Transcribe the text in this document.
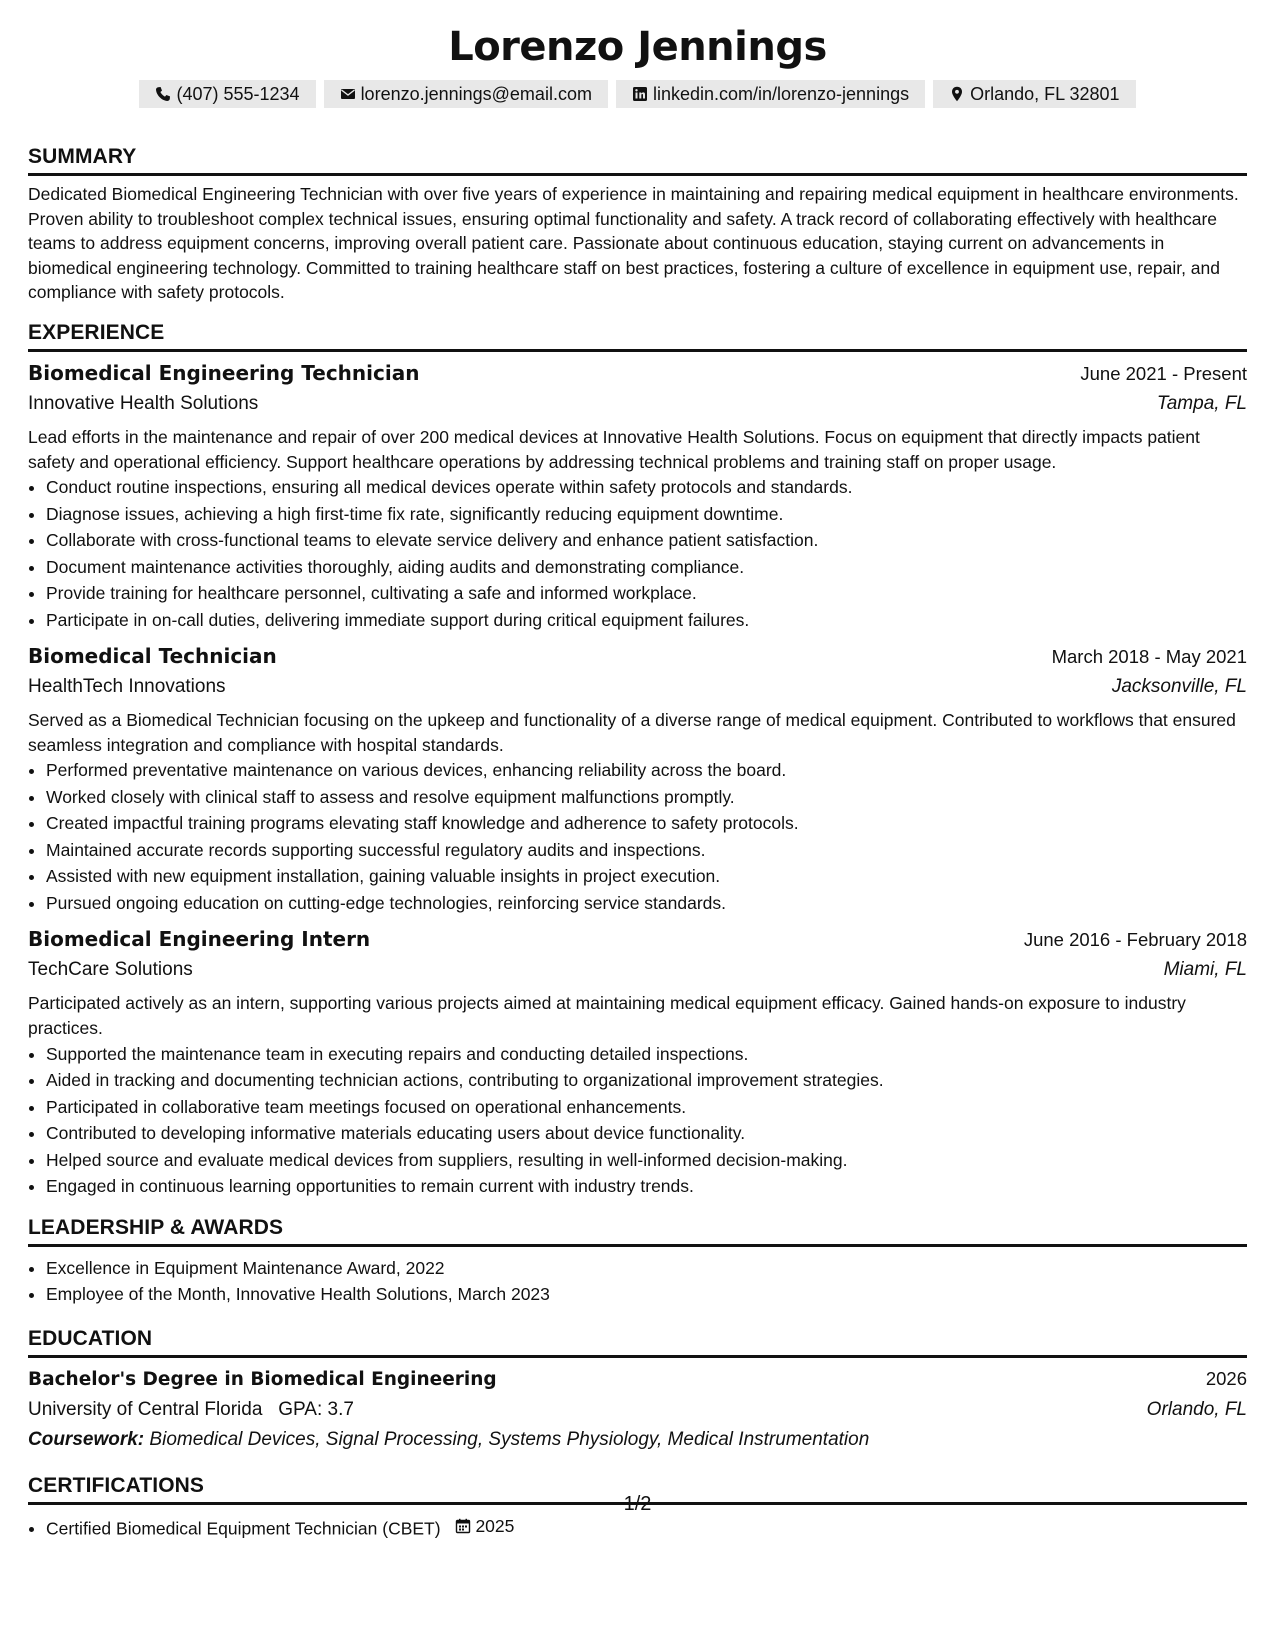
Lorenzo Jennings
(407) 555-1234	lorenzo.jennings@email.com	linkedin.com/in/lorenzo-jennings	Orlando, FL 32801
SUMMARY

Dedicated Biomedical Engineering Technician with over five years of experience in maintaining and repairing medical equipment in healthcare environments. Proven ability to troubleshoot complex technical issues, ensuring optimal functionality and safety. A track record of collaborating effectively with healthcare teams to address equipment concerns, improving overall patient care. Passionate about continuous education, staying current on advancements in biomedical engineering technology. Committed to training healthcare staff on best practices, fostering a culture of excellence in equipment use, repair, and compliance with safety protocols.

EXPERIENCE
Biomedical Engineering Technician	June 2021 - Present
Innovative Health Solutions	Tampa, FL
Lead efforts in the maintenance and repair of over 200 medical devices at Innovative Health Solutions. Focus on equipment that directly impacts patient safety and operational efficiency. Support healthcare operations by addressing technical problems and training staff on proper usage.
• Conduct routine inspections, ensuring all medical devices operate within safety protocols and standards.
• Diagnose issues, achieving a high first-time fix rate, significantly reducing equipment downtime.
• Collaborate with cross-functional teams to elevate service delivery and enhance patient satisfaction.
• Document maintenance activities thoroughly, aiding audits and demonstrating compliance.
• Provide training for healthcare personnel, cultivating a safe and informed workplace.
• Participate in on-call duties, delivering immediate support during critical equipment failures.
Biomedical Technician	March 2018 - May 2021
HealthTech Innovations	Jacksonville, FL
Served as a Biomedical Technician focusing on the upkeep and functionality of a diverse range of medical equipment. Contributed to workflows that ensured seamless integration and compliance with hospital standards.
• Performed preventative maintenance on various devices, enhancing reliability across the board.
• Worked closely with clinical staff to assess and resolve equipment malfunctions promptly.
• Created impactful training programs elevating staff knowledge and adherence to safety protocols.
• Maintained accurate records supporting successful regulatory audits and inspections.
• Assisted with new equipment installation, gaining valuable insights in project execution.
• Pursued ongoing education on cutting-edge technologies, reinforcing service standards.
Biomedical Engineering Intern	June 2016 - February 2018
TechCare Solutions	Miami, FL
Participated actively as an intern, supporting various projects aimed at maintaining medical equipment efficacy. Gained hands-on exposure to industry practices.
• Supported the maintenance team in executing repairs and conducting detailed inspections.
• Aided in tracking and documenting technician actions, contributing to organizational improvement strategies.
• Participated in collaborative team meetings focused on operational enhancements.
• Contributed to developing informative materials educating users about device functionality.
• Helped source and evaluate medical devices from suppliers, resulting in well-informed decision-making.
• Engaged in continuous learning opportunities to remain current with industry trends.
LEADERSHIP & AWARDS
• Excellence in Equipment Maintenance Award, 2022
• Employee of the Month, Innovative Health Solutions, March 2023
EDUCATION
Bachelor's Degree in Biomedical Engineering	2026
University of Central Florida GPA: 3.7	Orlando, FL
Coursework: Biomedical Devices, Signal Processing, Systems Physiology, Medical Instrumentation
CERTIFICATIONS
• Certified Biomedical Equipment Technician (CBET) 2025
1/2
